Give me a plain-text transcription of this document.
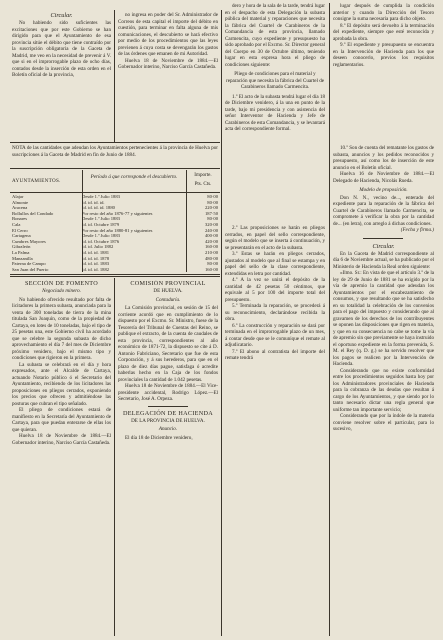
Circular.

No habiendo sido suficientes las excitaciones que por este Gobierno se han dirigido para que el Ayuntamiento de esa provincia sitúe el débito que tiene contraído por la suscripción obligatoria de la Gaceta de Madrid, me veo en la necesidad de prevenir á V. que si en el improrrogable plazo de ocho días, contados desde la inserción de esta orden en el Boletín oficial de la provincia,

no ingresa en poder del Sr. Administrador de Correos de esta capital el importe del débito en cuestión, para terminar en falta alguna de mis comunicaciones, el descubierto se hará efectivo por medio de los procedimientos que las leyes previenen á cuya costa se devengarán los gastos de las órdenes que emanen de mi Autoridad.

Huelva 18 de Noviembre de 1884.—El Gobernador interino, Narciso García Castañeda.

dero y hora de la sala de la tarde, tendrá lugar en el despacho de esta Delegación la subasta pública del material y reparaciones que necesita la fábrica del Cuartel de Carabineros de la Comandancia de esta provincia, llamado Carmencita, cuyo expediente y presupuesto ha sido aprobado por el Excmo. Sr. Director general del Cuerpo en 30 de Octubre último, teniendo lugar en esta expresa hora el pliego de condiciones siguiente:

Pliego de condiciones para el material y reparación que necesita la fábrica del Cuartel de Carabineros llamado Carmencita.

1.º El acto de la subasta tendrá lugar el día 18 de Diciembre venidero, á la una en punto de la tarde, bajo mi presidencia y con asistencia del señor Interventor de Hacienda y Jefe de Carabineros de esta Comandancia, y se levantará acta del correspondiente formal.

lugar después de cumplida la condición anterior y cuando la Dirección del Tesoro consigne la suma necesaria para dicho objeto.

8.º El depósito será devuelto á la terminación del expediente, siempre que esté reconocida y aprobada la obra.

9.º El expediente y presupuesto se encuentra en la Intervención de Hacienda para los que deseen conocerlo, previos los requisitos reglamentarios.

NOTA de las cantidades que adeudan los Ayuntamientos pertenecientes á la provincia de Huelva por suscripciones á la Gaceta de Madrid en fin de Junio de 1884.
AYUNTAMIENTOS.
Período á que corresponde el descubierto.	Importe.
Pts. Cts.
Alajar	Desde 1.º Julio 1883	80·00
Almonte	Id. id. id. id.	80·00
Aracena	Id. id. id. id. 1880	220·00
Bollullos del Condado	Por resto del año 1876-77 y siguientes	187·50
Bonares	Desde 1.º Julio 1883	80·00
Cala	Id. id. Octubre 1879	320·00
El Cerro	Por resto del año 1880-81 y siguientes	240·00
Cartagena	Desde 1.º Julio 1883	400·00
Cumbres Mayores	Id. id. Octubre 1876	420·00
Gibraleón	Id. id. Julio 1882	160·00
La Palma	Id. id. id. 1881	210·00
Manzanilla	Id. id. id. 1878	480·00
Paterna de Campo	Id. id. id. 1883	80·00
San Juan del Puerto	Id. id. id. 1882	160·00

SECCIÓN DE FOMENTO
Negociado minero.

No habiendo ofrecido resultado por falta de licitadores la primera subasta, anunciada para la venta de 300 toneladas de tierra de la mina titulada San Joaquín, como de la propiedad de Cartaya, en lotes de 10 toneladas, bajo el tipo de 25 pesetas una, este Gobierno civil ha acordado que se celebre la segunda subasta de dicho aprovechamiento el día 7 del mes de Diciembre próximo venidero, bajo el mismo tipo y condiciones que rigieron en la primera.

La subasta se celebrará en el día y hora expresados, ante el Alcalde de Cartaya, actuando Notario público ó el Secretario del Ayuntamiento, recibiendo de los licitadores las proposiciones en pliegos cerrados, exponiendo los precios que ofrecen y admitiéndose las posturas que cubran el tipo señalado.

El pliego de condiciones estará de manifiesto en la Secretaría del Ayuntamiento de Cartaya, para que puedan enterarse de ellas los que quieran.

Huelva 18 de Noviembre de 1884.—El Gobernador interino, Narciso García Castañeda.

COMISIÓN PROVINCIAL
DE HUELVA.
Contaduría.

La Comisión provincial, en sesión de 15 del corriente acordó que en cumplimiento de lo dispuesto por el Excmo. Sr. Ministro, fuese de la Tesorería del Tribunal de Cuentas del Reino, se publique el extracto, de la cuenta de caudales de esta provincia, correspondientes al año económico de 1871-72, la dispuesto se cite á D. Antonio Fabriciano, Secretario que fue de esta Corporación, y á sus herederos, para que en el plazo de diez días pague, satisfaga ó acredite haberlas hecho en la Caja de los fondos provinciales la cantidad de 1.042 pesetas.

Huelva 18 de Noviembre de 1884.—El Vice-presidente accidental, Rodrigo López.—El Secretario, José A. Orpeza.

DELEGACIÓN DE HACIENDA
DE LA PROVINCIA DE HUELVA.
Anuncio.

El día 18 de Diciembre venidero,

2.º Las proposiciones se harán en pliegos cerrados, en papel del sello correspondiente, según el modelo que se inserta á continuación, y se presentarán en el acto de la subasta.

3.º Estas se harán en pliegos cerrados, ajustados al modelo que al final se estampa y en papel del sello de la clase correspondiente, extendidas en letra por cantidad.

4.º A la vez se unirá el depósito de la cantidad de 42 pesetas 50 céntimos, que equivale al 5 por 100 del importe total del presupuesto.

5.º Terminada la reparación, se procederá á su reconocimiento, declarándose recibida la obra.

6.º La construcción y reparación se dará por terminada en el improrrogable plazo de un mes, á contar desde que se le comunique el remate al adjudicatario.

7.º El abono al contratista del importe del remate tendrá

10.º Son de cuenta del rematante los gastos de subasta, anuncios y los pedidos reconocidos y presupuesto, así como los de inserción de este anuncio en el Boletín oficial.

Huelva 16 de Noviembre de 1884.—El Delegado de Hacienda, Nicolás Rueda.

Modelo de proposición.

Don N. N., vecino de..., enterado del expediente para la reparación de la fábrica del Cuartel de Carabineros llamado Carmencita, se compromete á verificar la obra por la cantidad de... (en letra), con arreglo á dichas condiciones.

(Fecha y firma.)
Circular.

En la Gaceta de Madrid correspondiente al día 6 de Noviembre actual, se ha publicado por el Ministerio de Hacienda la Real orden siguiente:

«Ilmo. Sr.: En vista de que el artículo 3.º de la ley de 29 de Junio de 1881 se ha exigido por la vía de apremio la cantidad que adeudan los Ayuntamientos por el encabezamiento de consumos, y que resultando que se ha satisfecho en su totalidad la celebración de los convenios para el pago del impuesto y considerando que al gravamen de los derechos de los contribuyentes se oponen las disposiciones que rigen en materia, y que en su consecuencia no cabe se tome la vía de apremio sin que previamente se haya instruido el oportuno expediente en la forma prevenida, S. M. el Rey (q. D. g.) se ha servido resolver que los pagos se realicen por la Intervención de Hacienda.

Considerando que no existe conformidad entre los procedimientos seguidos hasta hoy por los Administradores provinciales de Hacienda para la cobranza de las deudas que resultan á cargo de los Ayuntamientos, y que siendo por lo tanto necesario dictar una regla general que uniforme tan importante servicio;

Considerando que por la índole de la materia conviene resolver sobre el particular, para lo sucesivo,
